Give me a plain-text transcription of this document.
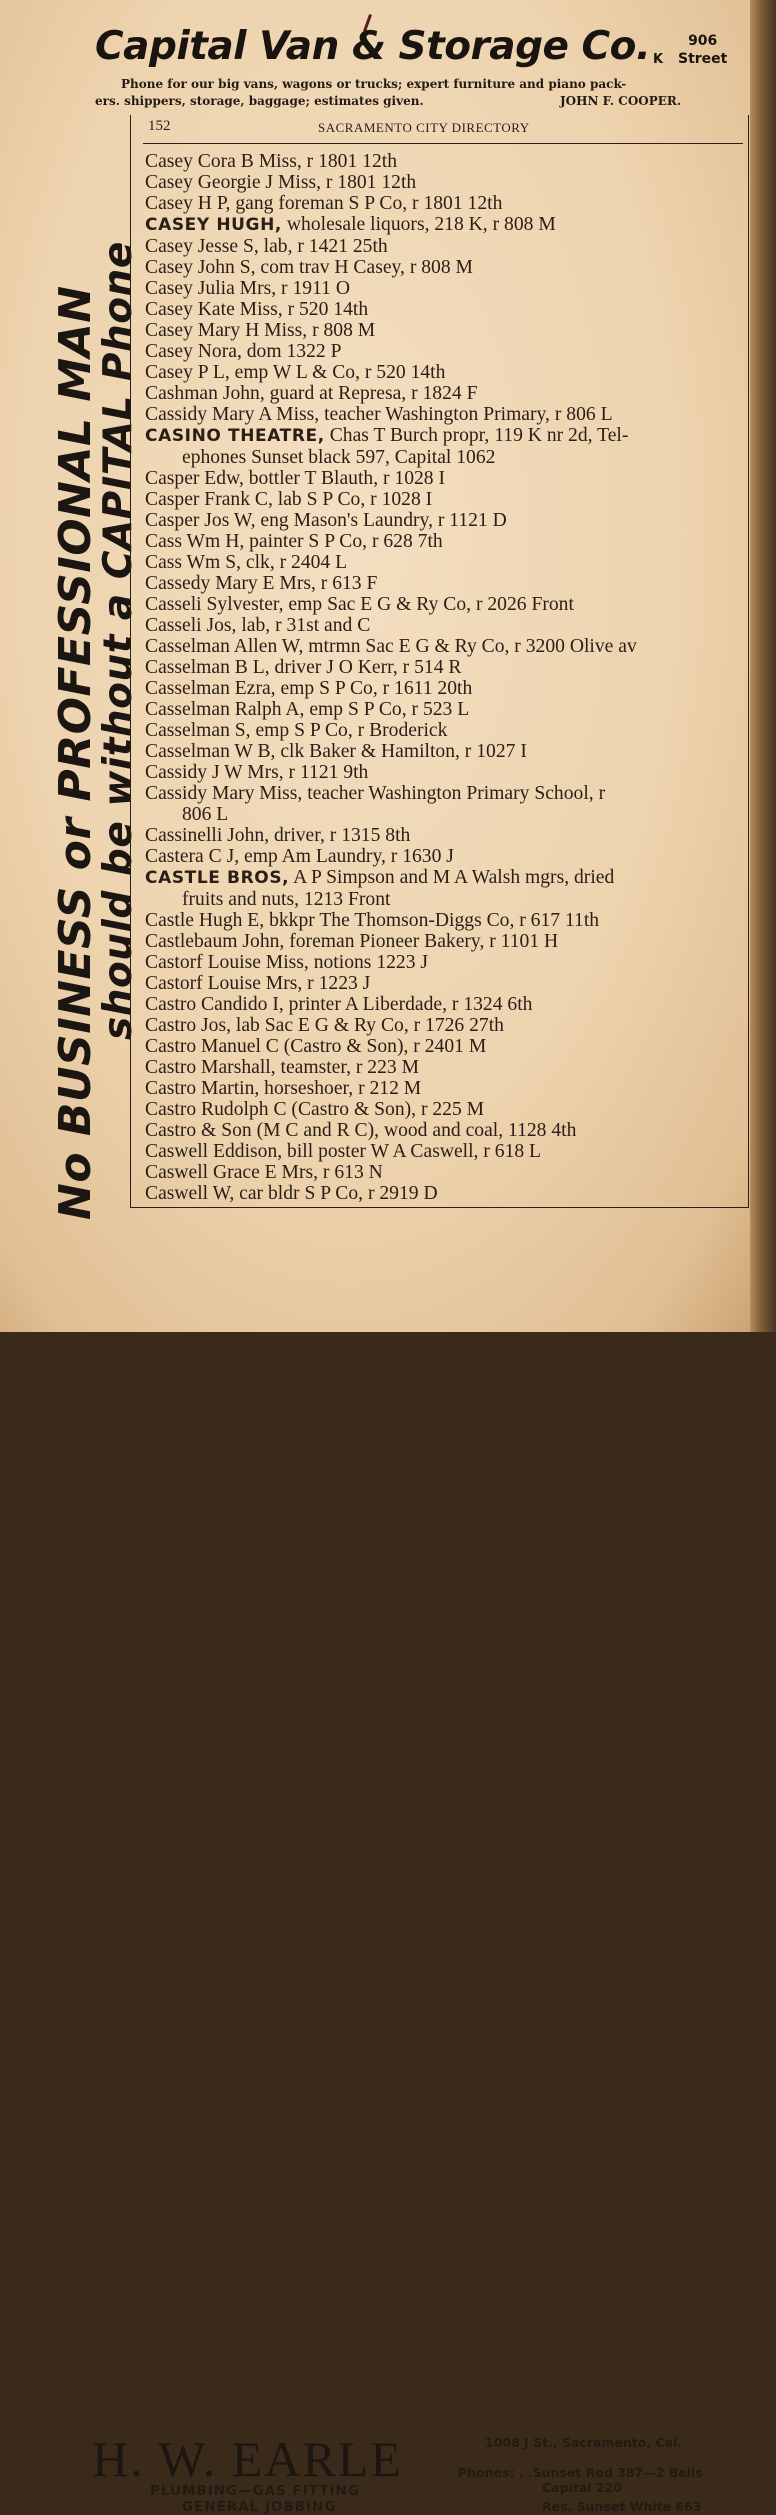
Capital Van & Storage Co.	906
Street
K
Phone for our big vans, wagons or trucks; expert furniture and piano pack-
ers. shippers, storage, baggage; estimates given.	JOHN F. COOPER.
No BUSINESS or PROFESSIONAL MAN
should be without a CAPITAL Phone
152	SACRAMENTO CITY DIRECTORY
Casey Cora B Miss, r 1801 12th
Casey Georgie J Miss, r 1801 12th
Casey H P, gang foreman S P Co, r 1801 12th
CASEY HUGH, wholesale liquors, 218 K, r 808 M
Casey Jesse S, lab, r 1421 25th
Casey John S, com trav H Casey, r 808 M
Casey Julia Mrs, r 1911 O
Casey Kate Miss, r 520 14th
Casey Mary H Miss, r 808 M
Casey Nora, dom 1322 P
Casey P L, emp W L & Co, r 520 14th
Cashman John, guard at Represa, r 1824 F
Cassidy Mary A Miss, teacher Washington Primary, r 806 L
CASINO THEATRE, Chas T Burch propr, 119 K nr 2d, Tel-
ephones Sunset black 597, Capital 1062
Casper Edw, bottler T Blauth, r 1028 I
Casper Frank C, lab S P Co, r 1028 I
Casper Jos W, eng Mason's Laundry, r 1121 D
Cass Wm H, painter S P Co, r 628 7th
Cass Wm S, clk, r 2404 L
Cassedy Mary E Mrs, r 613 F
Casseli Sylvester, emp Sac E G & Ry Co, r 2026 Front
Casseli Jos, lab, r 31st and C
Casselman Allen W, mtrmn Sac E G & Ry Co, r 3200 Olive av
Casselman B L, driver J O Kerr, r 514 R
Casselman Ezra, emp S P Co, r 1611 20th
Casselman Ralph A, emp S P Co, r 523 L
Casselman S, emp S P Co, r Broderick
Casselman W B, clk Baker & Hamilton, r 1027 I
Cassidy J W Mrs, r 1121 9th
Cassidy Mary Miss, teacher Washington Primary School, r
806 L
Cassinelli John, driver, r 1315 8th
Castera C J, emp Am Laundry, r 1630 J
CASTLE BROS, A P Simpson and M A Walsh mgrs, dried
fruits and nuts, 1213 Front
Castle Hugh E, bkkpr The Thomson-Diggs Co, r 617 11th
Castlebaum John, foreman Pioneer Bakery, r 1101 H
Castorf Louise Miss, notions 1223 J
Castorf Louise Mrs, r 1223 J
Castro Candido I, printer A Liberdade, r 1324 6th
Castro Jos, lab Sac E G & Ry Co, r 1726 27th
Castro Manuel C (Castro & Son), r 2401 M
Castro Marshall, teamster, r 223 M
Castro Martin, horseshoer, r 212 M
Castro Rudolph C (Castro & Son), r 225 M
Castro & Son (M C and R C), wood and coal, 1128 4th
Caswell Eddison, bill poster W A Caswell, r 618 L
Caswell Grace E Mrs, r 613 N
Caswell W, car bldr S P Co, r 2919 D
H. W. EARLE
PLUMBING—GAS FITTING
GENERAL JOBBING
1008 J St., Sacramento, Cal.
Phones: . .Sunset Red 387—2 Bells
Capital 220
Res. Sunset White 663
